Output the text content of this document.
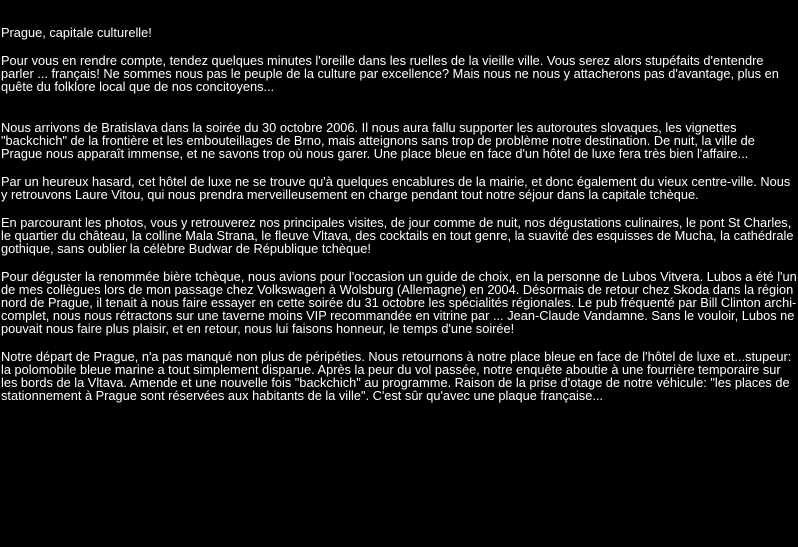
Prague, capitale culturelle!

Pour vous en rendre compte, tendez quelques minutes l'oreille dans les ruelles de la vieille ville. Vous serez alors stupéfaits d'entendre parler ... français! Ne sommes nous pas le peuple de la culture par excellence? Mais nous ne nous y attacherons pas d'avantage, plus en quête du folklore local que de nos concitoyens...

Nous arrivons de Bratislava dans la soirée du 30 octobre 2006. Il nous aura fallu supporter les autoroutes slovaques, les vignettes "backchich" de la frontière et les embouteillages de Brno, mais atteignons sans trop de problème notre destination. De nuit, la ville de Prague nous apparaît immense, et ne savons trop où nous garer. Une place bleue en face d'un hôtel de luxe fera très bien l'affaire...

Par un heureux hasard, cet hôtel de luxe ne se trouve qu'à quelques encablures de la mairie, et donc également du vieux centre-ville. Nous y retrouvons Laure Vitou, qui nous prendra merveilleusement en charge pendant tout notre séjour dans la capitale tchèque.

En parcourant les photos, vous y retrouverez nos principales visites, de jour comme de nuit, nos dégustations culinaires, le pont St Charles, le quartier du château, la colline Mala Strana, le fleuve Vltava, des cocktails en tout genre, la suavité des esquisses de Mucha, la cathédrale gothique, sans oublier la célèbre Budwar de République tchèque!

Pour déguster la renommée bière tchèque, nous avions pour l'occasion un guide de choix, en la personne de Lubos Vitvera. Lubos a été l'un de mes collègues lors de mon passage chez Volkswagen à Wolsburg (Allemagne) en 2004. Désormais de retour chez Skoda dans la région nord de Prague, il tenait à nous faire essayer en cette soirée du 31 octobre les spécialités régionales. Le pub fréquenté par Bill Clinton archi-complet, nous nous rétractons sur une taverne moins VIP recommandée en vitrine par ... Jean-Claude Vandamne. Sans le vouloir, Lubos ne pouvait nous faire plus plaisir, et en retour, nous lui faisons honneur, le temps d'une soirée!

Notre départ de Prague, n'a pas manqué non plus de péripéties. Nous retournons à notre place bleue en face de l'hôtel de luxe et...stupeur: la polomobile bleue marine a tout simplement disparue. Après la peur du vol passée, notre enquête aboutie à une fourrière temporaire sur les bords de la Vltava. Amende et une nouvelle fois "backchich" au programme. Raison de la prise d'otage de notre véhicule: "les places de stationnement à Prague sont réservées aux habitants de la ville". C'est sûr qu'avec une plaque française...
